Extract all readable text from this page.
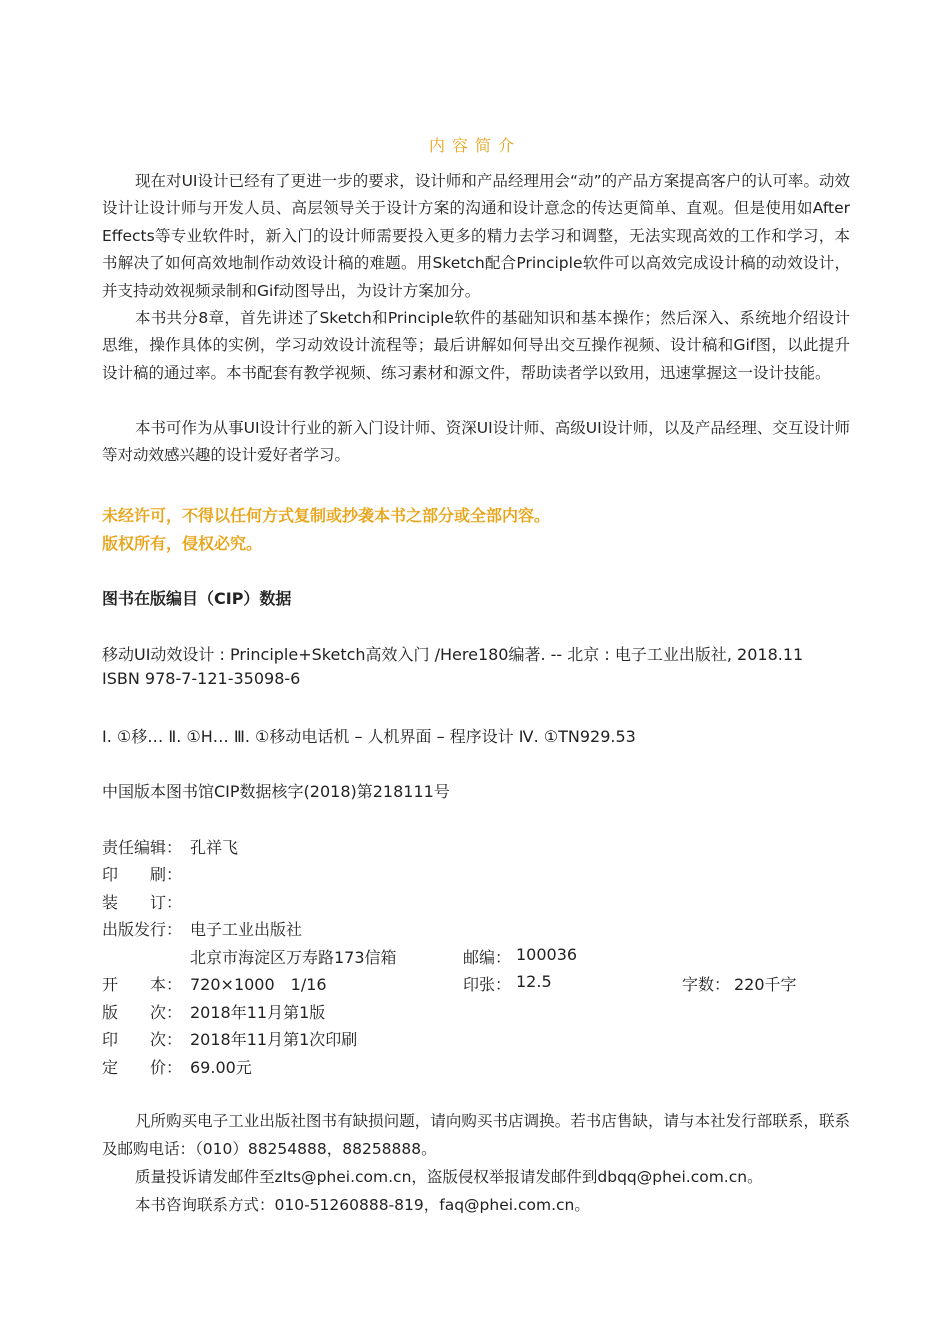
内容简介
现在对UI设计已经有了更进一步的要求，设计师和产品经理用会“动”的产品方案提高客户的认可率。动效设计让设计师与开发人员、高层领导关于设计方案的沟通和设计意念的传达更简单、直观。但是使用如After Effects等专业软件时，新入门的设计师需要投入更多的精力去学习和调整，无法实现高效的工作和学习，本书解决了如何高效地制作动效设计稿的难题。用Sketch配合Principle软件可以高效完成设计稿的动效设计，并支持动效视频录制和Gif动图导出，为设计方案加分。
本书共分8章，首先讲述了Sketch和Principle软件的基础知识和基本操作；然后深入、系统地介绍设计思维，操作具体的实例，学习动效设计流程等；最后讲解如何导出交互操作视频、设计稿和Gif图，以此提升设计稿的通过率。本书配套有教学视频、练习素材和源文件，帮助读者学以致用，迅速掌握这一设计技能。
本书可作为从事UI设计行业的新入门设计师、资深UI设计师、高级UI设计师，以及产品经理、交互设计师等对动效感兴趣的设计爱好者学习。
未经许可，不得以任何方式复制或抄袭本书之部分或全部内容。
版权所有，侵权必究。
图书在版编目（CIP）数据
移动UI动效设计 : Principle+Sketch高效入门 /Here180编著. -- 北京 : 电子工业出版社, 2018.11
ISBN 978-7-121-35098-6
Ⅰ. ①移… Ⅱ. ①H… Ⅲ. ①移动电话机 – 人机界面 – 程序设计 Ⅳ. ①TN929.53
中国版本图书馆CIP数据核字(2018)第218111号
责任编辑： 孔祥飞
印　　刷：
装　　订：
出版发行： 电子工业出版社
北京市海淀区万寿路173信箱	邮编： 100036
开　　本： 720×1000　1/16	印张： 12.5	字数： 220千字
版　　次： 2018年11月第1版
印　　次： 2018年11月第1次印刷
定　　价： 69.00元
凡所购买电子工业出版社图书有缺损问题，请向购买书店调换。若书店售缺，请与本社发行部联系，联系及邮购电话：（010）88254888，88258888。
质量投诉请发邮件至zlts@phei.com.cn，盗版侵权举报请发邮件到dbqq@phei.com.cn。
本书咨询联系方式：010-51260888-819，faq@phei.com.cn。
